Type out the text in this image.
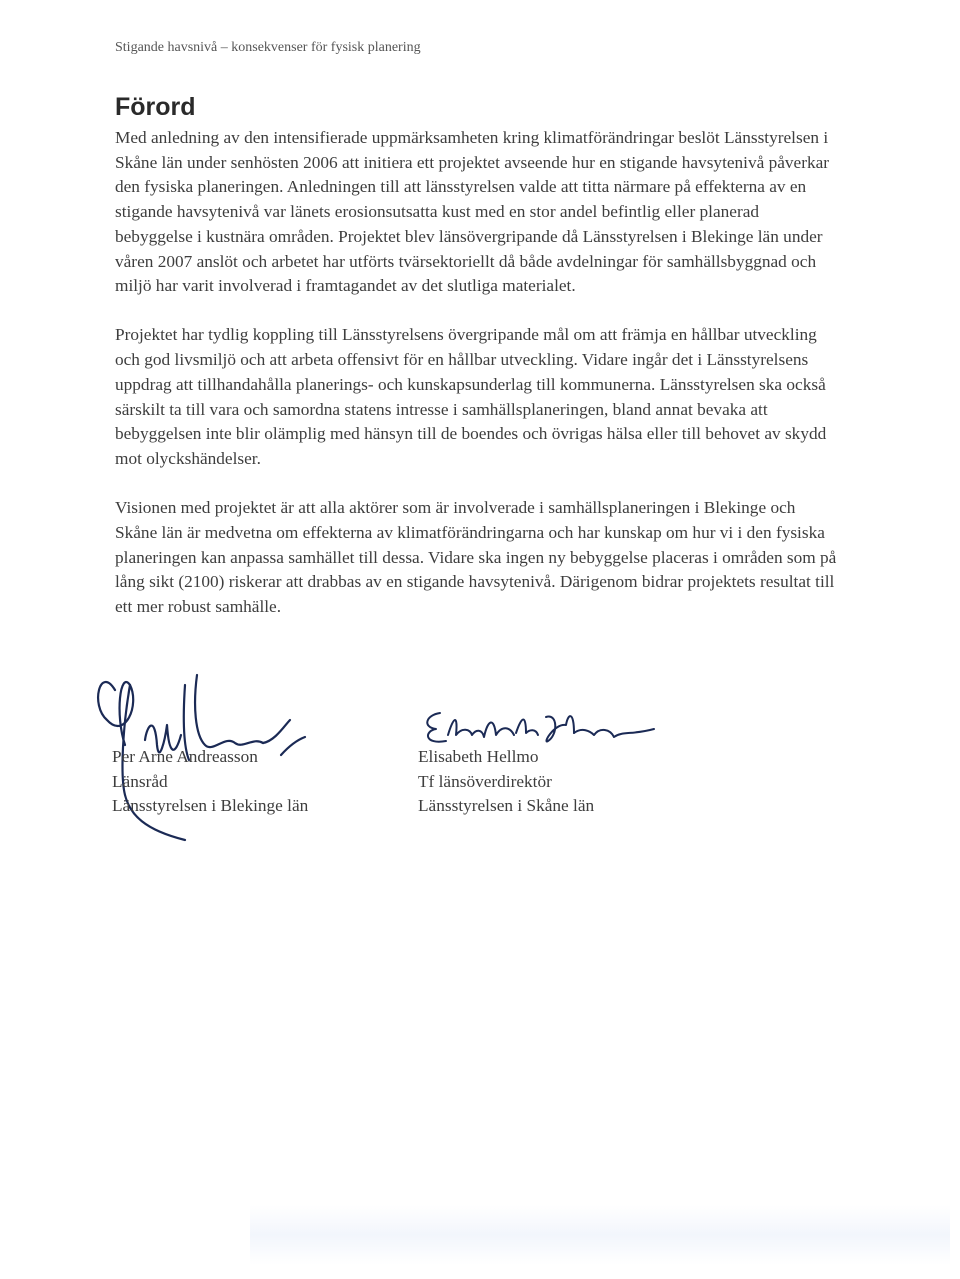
Stigande havsnivå – konsekvenser för fysisk planering
Förord

Med anledning av den intensifierade uppmärksamheten kring klimatförändringar beslöt Länsstyrelsen i Skåne län under senhösten 2006 att initiera ett projektet avseende hur en stigande havsytenivå påverkar den fysiska planeringen. Anledningen till att länsstyrelsen valde att titta närmare på effekterna av en stigande havsytenivå var länets erosionsutsatta kust med en stor andel befintlig eller planerad bebyggelse i kustnära områden. Projektet blev länsövergripande då Länsstyrelsen i Blekinge län under våren 2007 anslöt och arbetet har utförts tvärsektoriellt då både avdelningar för samhällsbyggnad och miljö har varit involverad i framtagandet av det slutliga materialet.

Projektet har tydlig koppling till Länsstyrelsens övergripande mål om att främja en hållbar utveckling och god livsmiljö och att arbeta offensivt för en hållbar utveckling. Vidare ingår det i Länsstyrelsens uppdrag att tillhandahålla planerings- och kunskapsunderlag till kommunerna. Länsstyrelsen ska också särskilt ta till vara och samordna statens intresse i samhällsplaneringen, bland annat bevaka att bebyggelsen inte blir olämplig med hänsyn till de boendes och övrigas hälsa eller till behovet av skydd mot olyckshändelser.

Visionen med projektet är att alla aktörer som är involverade i samhällsplaneringen i Blekinge och Skåne län är medvetna om effekterna av klimatförändringarna och har kunskap om hur vi i den fysiska planeringen kan anpassa samhället till dessa. Vidare ska ingen ny bebyggelse placeras i områden som på lång sikt (2100) riskerar att drabbas av en stigande havsytenivå. Därigenom bidrar projektets resultat till ett mer robust samhälle.

Per Arne Andreasson
Länsråd
Länsstyrelsen i Blekinge län
Elisabeth Hellmo
Tf länsöverdirektör
Länsstyrelsen i Skåne län
